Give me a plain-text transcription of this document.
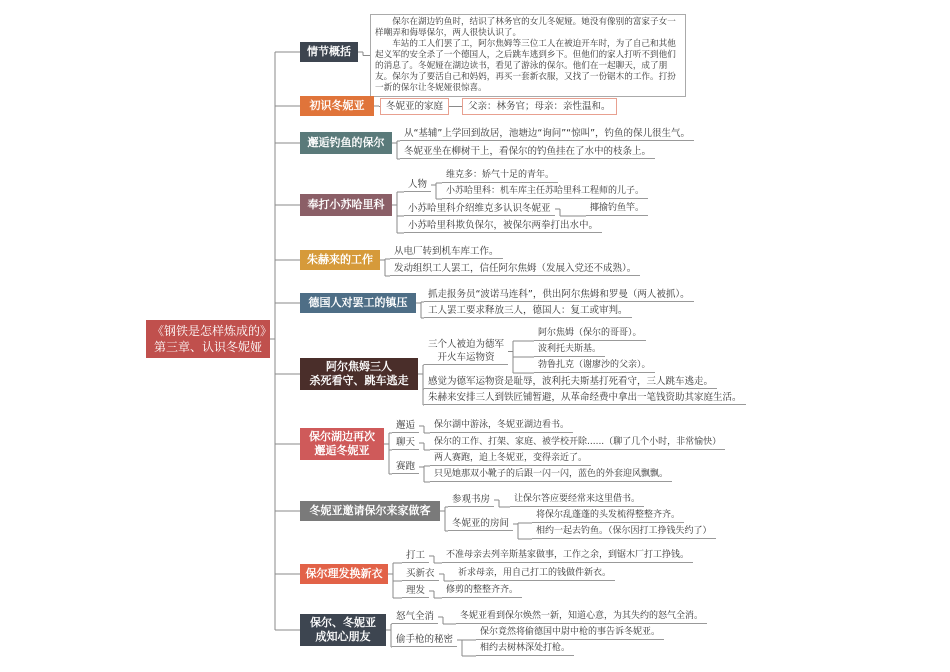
《钢铁是怎样炼成的》
第三章、认识冬妮娅
情节概括

保尔在湖边钓鱼时，结识了林务官的女儿冬妮娅。她没有像别的富家子女一样嘲弄和侮辱保尔，两人很快认识了。

车站的工人们罢了工，阿尔焦姆等三位工人在被迫开车时，为了自己和其他起义军的安全杀了一个德国人，之后跳车逃到乡下。但他们的家人打听不到他们的消息了。冬妮娅在湖边读书，看见了游泳的保尔。他们在一起聊天，成了朋友。保尔为了要活自己和妈妈，再买一套新衣服，又找了一份锯木的工作。打扮一新的保尔让冬妮娅很惊喜。

初识冬妮亚	冬妮亚的家庭	父亲：林务官；母亲：亲性温和。
邂逅钓鱼的保尔
从“基辅”上学回到故居，池塘边“询问”“惊叫”，钓鱼的保儿很生气。
冬妮亚坐在柳树干上，看保尔的钓鱼挂在了水中的枝条上。
奉打小苏哈里科
人物
维克多：娇气十足的青年。
小苏哈里科：机车库主任苏哈里科工程师的儿子。
小苏哈里科介绍维克多认识冬妮亚	揶揄钓鱼竿。
小苏哈里科欺负保尔，被保尔两拳打出水中。
朱赫来的工作
从电厂转到机车库工作。
发动组织工人罢工，信任阿尔焦姆（发展入党还不成熟）。
德国人对罢工的镇压
抓走报务员“波诺马连科”，供出阿尔焦姆和罗曼（两人被抓）。
工人罢工要求释放三人，德国人：复工或审判。
阿尔焦姆三人
杀死看守、跳车逃走
三个人被迫为德军
开火车运物资
阿尔焦姆（保尔的哥哥）。
波利托夫斯基。
勃鲁扎克（谢廖沙的父亲）。
感觉为德军运物资是耻辱，波利托夫斯基打死看守，三人跳车逃走。
朱赫来安排三人到铁匠铺暂避，从革命经费中拿出一笔钱资助其家庭生活。
保尔湖边再次
邂逅冬妮亚
邂逅	保尔湖中游泳，冬妮亚湖边看书。
聊天	保尔的工作、打架、家庭、被学校开除......（聊了几个小时，非常愉快）
赛跑
两人赛跑，追上冬妮亚，变得亲近了。
只见她那双小靴子的后跟一闪一闪，蓝色的外套迎风飘飘。
冬妮亚邀请保尔来家做客
参观书房	让保尔答应要经常来这里借书。
冬妮亚的房间
将保尔乱蓬蓬的头发梳得整整齐齐。
相约一起去钓鱼。（保尔因打工挣钱失约了）
保尔理发换新衣
打工	不准母亲去列辛斯基家做事，工作之余，到锯木厂打工挣钱。
买新衣	祈求母亲，用自己打工的钱做件新衣。
理发	修剪的整整齐齐。
保尔、冬妮亚
成知心朋友
怒气全消	冬妮亚看到保尔焕然一新，知道心意，为其失约的怒气全消。
偷手枪的秘密
保尔竟然将偷德国中尉中枪的事告诉冬妮亚。
相约去树林深处打枪。
